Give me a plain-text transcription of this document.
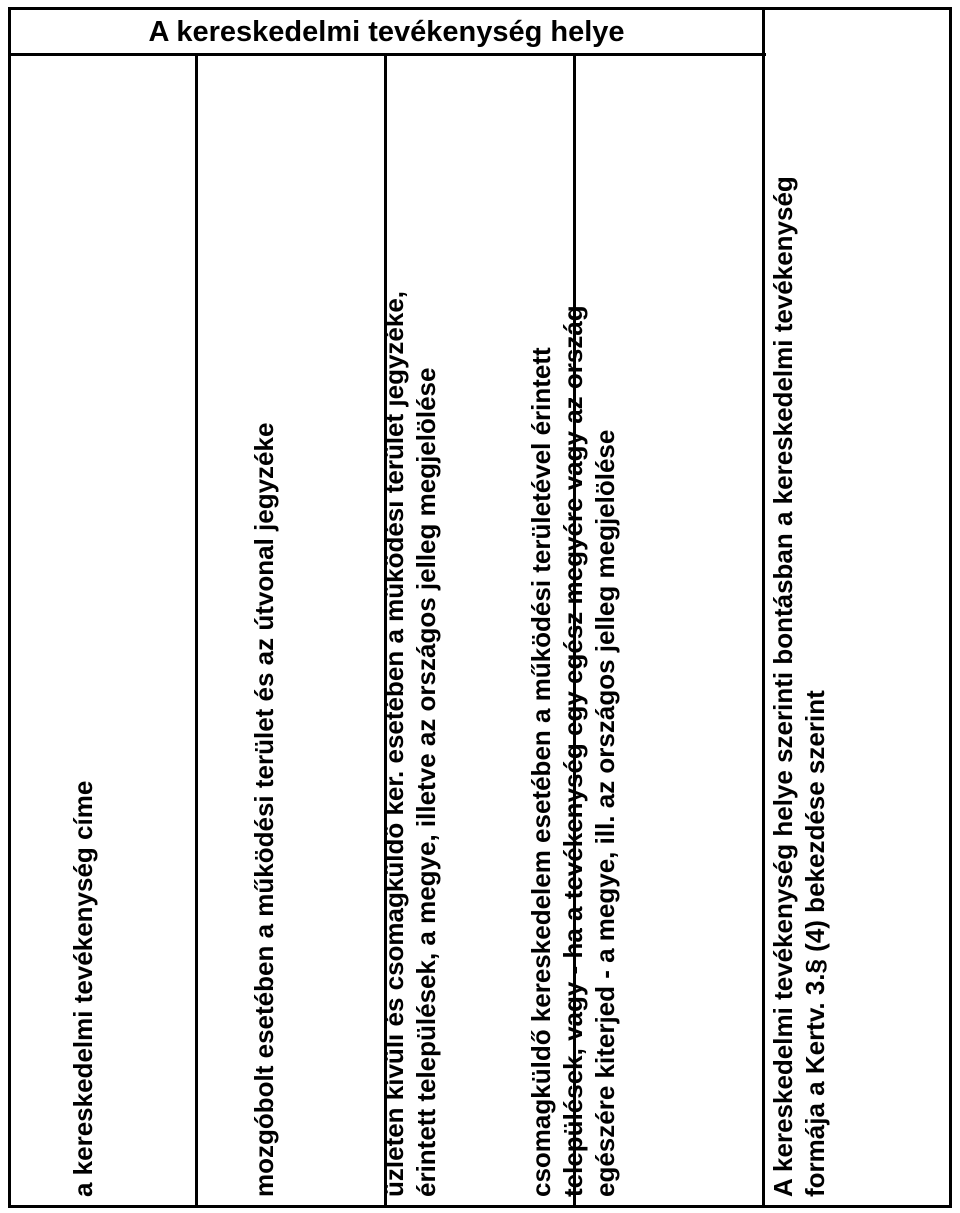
A kereskedelmi tevékenység helye
a kereskedelmi tevékenység címe	mozgóbolt esetében a működési terület és az útvonal jegyzéke	üzleten kívüli és csomagküldő ker. esetében a működési terület jegyzéke, érintett települések, a megye, illetve az országos jelleg megjelölése	csomagküldő kereskedelem esetében a működési területével érintett települések, vagy - ha a tevékenység egy egész megyére vagy az ország egészére kiterjed - a megye, ill. az országos jelleg megjelölése	A kereskedelmi tevékenység helye szerinti bontásban a kereskedelmi tevékenység formája a Kertv. 3.§ (4) bekezdése szerint
